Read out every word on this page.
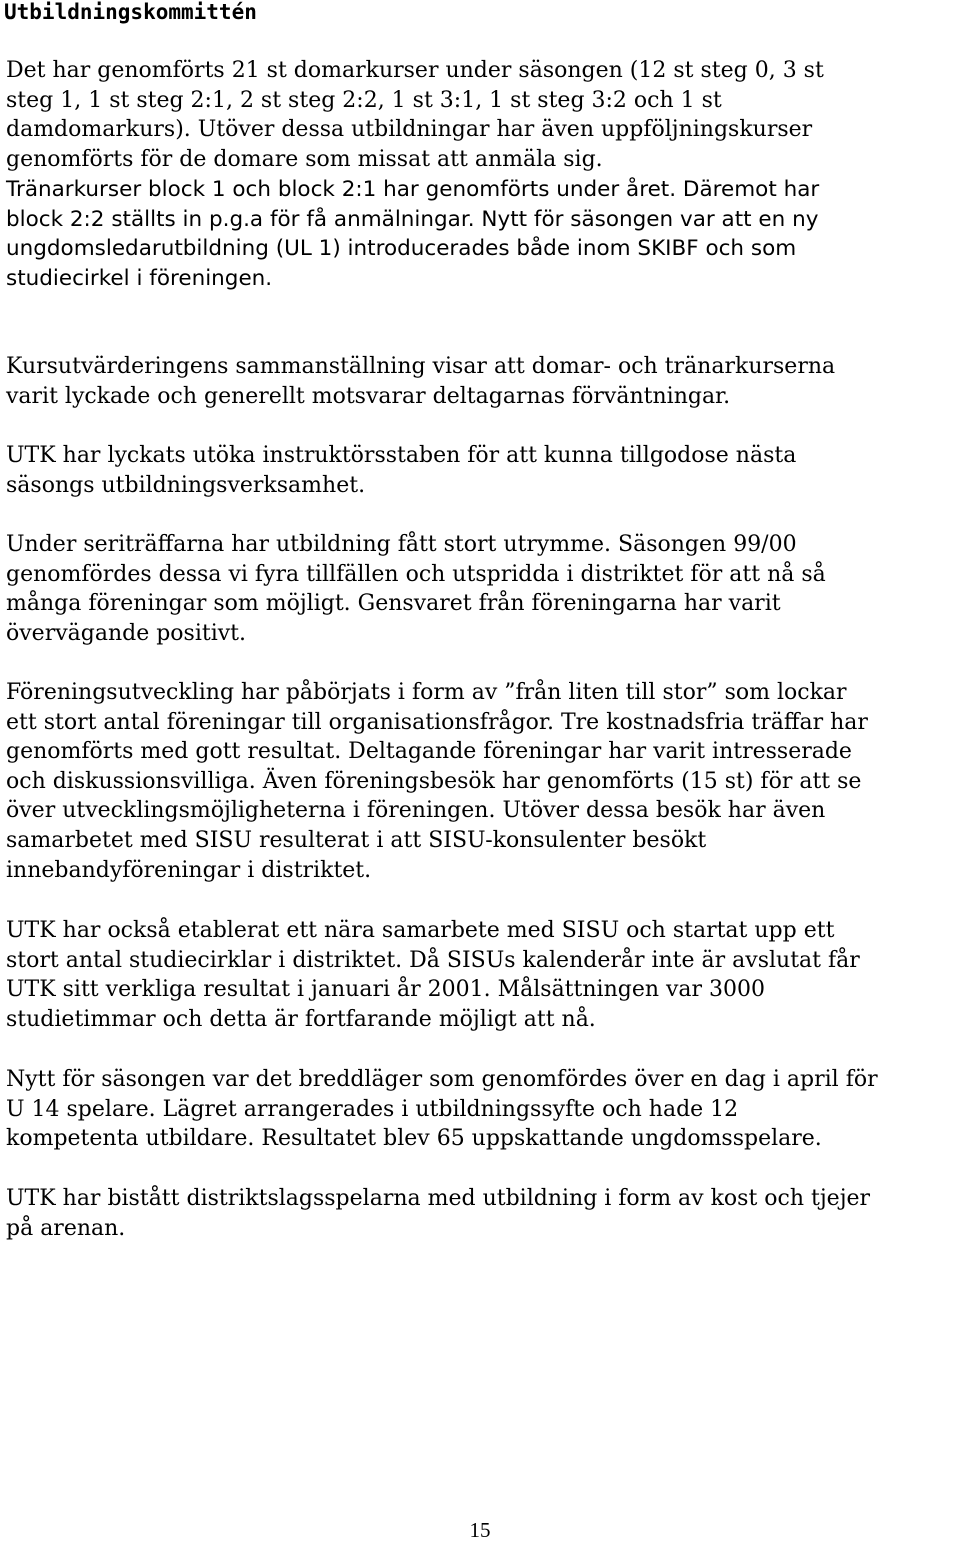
Utbildningskommittén

Det har genomförts 21 st domarkurser under säsongen (12 st steg 0, 3 st
steg 1, 1 st steg 2:1, 2 st steg 2:2, 1 st 3:1, 1 st steg 3:2 och 1 st
damdomarkurs). Utöver dessa utbildningar har även uppföljningskurser
genomförts för de domare som missat att anmäla sig.

Tränarkurser block 1 och block 2:1 har genomförts under året. Däremot har
block 2:2 ställts in p.g.a för få anmälningar. Nytt för säsongen var att en ny
ungdomsledarutbildning (UL 1) introducerades både inom SKIBF och som
studiecirkel i föreningen.

Kursutvärderingens sammanställning visar att domar- och tränarkurserna
varit lyckade och generellt motsvarar deltagarnas förväntningar.

UTK har lyckats utöka instruktörsstaben för att kunna tillgodose nästa
säsongs utbildningsverksamhet.

Under seriträffarna har utbildning fått stort utrymme. Säsongen 99/00
genomfördes dessa vi fyra tillfällen och utspridda i distriktet för att nå så
många föreningar som möjligt. Gensvaret från föreningarna har varit
övervägande positivt.

Föreningsutveckling har påbörjats i form av ”från liten till stor” som lockar
ett stort antal föreningar till organisationsfrågor. Tre kostnadsfria träffar har
genomförts med gott resultat. Deltagande föreningar har varit intresserade
och diskussionsvilliga. Även föreningsbesök har genomförts (15 st) för att se
över utvecklingsmöjligheterna i föreningen. Utöver dessa besök har även
samarbetet med SISU resulterat i att SISU-konsulenter besökt
innebandyföreningar i distriktet.

UTK har också etablerat ett nära samarbete med SISU och startat upp ett
stort antal studiecirklar i distriktet. Då SISUs kalenderår inte är avslutat får
UTK sitt verkliga resultat i januari år 2001. Målsättningen var 3000
studietimmar och detta är fortfarande möjligt att nå.

Nytt för säsongen var det breddläger som genomfördes över en dag i april för
U 14 spelare. Lägret arrangerades i utbildningssyfte och hade 12
kompetenta utbildare. Resultatet blev 65 uppskattande ungdomsspelare.

UTK har bistått distriktslagsspelarna med utbildning i form av kost och tjejer
på arenan.

15
